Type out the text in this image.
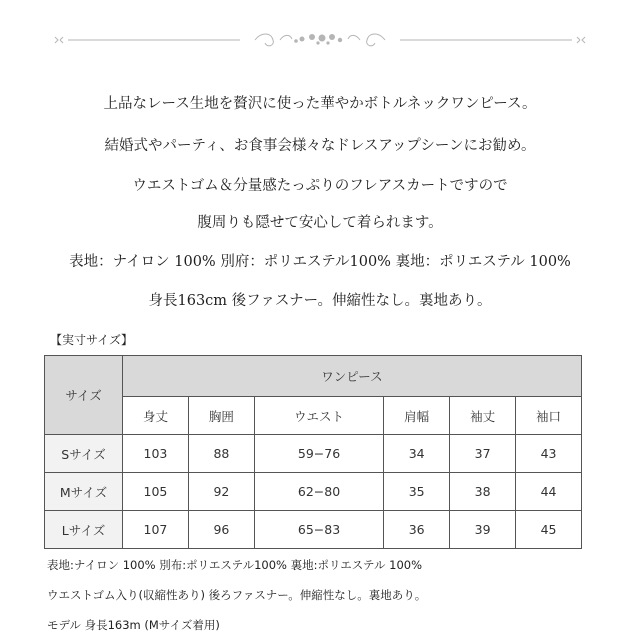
上品なレース生地を贅沢に使った華やかボトルネックワンピース。
結婚式やパーティ、お食事会様々なドレスアップシーンにお勧め。
ウエストゴム＆分量感たっぷりのフレアスカートですので
腹周りも隠せて安心して着られます。
表地：ナイロン 100% 別府：ポリエステル100% 裏地：ポリエステル 100%
身長163cm 後ファスナー。伸縮性なし。裏地あり。
【実寸サイズ】
サイズ	ワンピース					
	身丈	胸囲	ウエスト	肩幅	袖丈	袖口
Sサイズ	103	88	59−76	34	37	43
Mサイズ	105	92	62−80	35	38	44
Lサイズ	107	96	65−83	36	39	45
表地:ナイロン 100% 別布:ポリエステル100% 裏地:ポリエステル 100%
ウエストゴム入り(収縮性あり) 後ろファスナー。伸縮性なし。裏地あり。
モデル 身長163m (Mサイズ着用)
